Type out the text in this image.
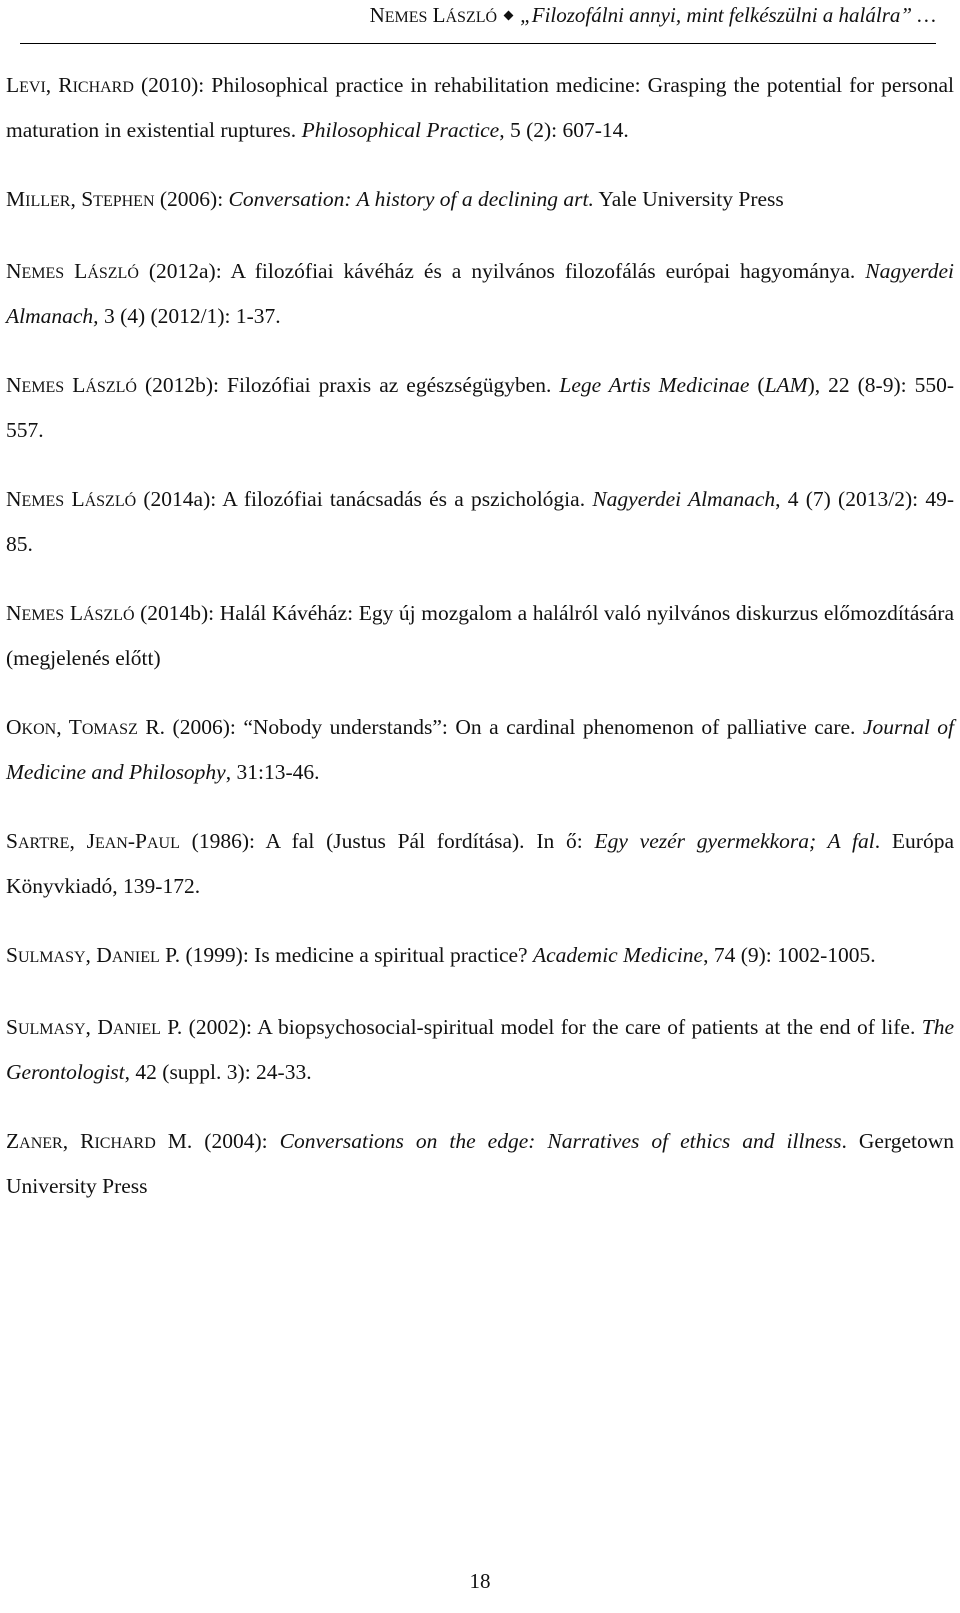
NEMES LÁSZLÓ „Filozofálni annyi, mint felkészülni a halálra” …

LEVI, RICHARD (2010): Philosophical practice in rehabilitation medicine: Grasping the potential for personal maturation in existential ruptures. Philosophical Practice, 5 (2): 607-14.

MILLER, STEPHEN (2006): Conversation: A history of a declining art. Yale University Press

NEMES LÁSZLÓ (2012a): A filozófiai kávéház és a nyilvános filozofálás európai hagyománya. Nagyerdei Almanach, 3 (4) (2012/1): 1-37.

NEMES LÁSZLÓ (2012b): Filozófiai praxis az egészségügyben. Lege Artis Medicinae (LAM), 22 (8-9): 550-557.

NEMES LÁSZLÓ (2014a): A filozófiai tanácsadás és a pszichológia. Nagyerdei Almanach, 4 (7) (2013/2): 49-85.

NEMES LÁSZLÓ (2014b): Halál Kávéház: Egy új mozgalom a halálról való nyilvános diskurzus előmozdítására (megjelenés előtt)

OKON, TOMASZ R. (2006): “Nobody understands”: On a cardinal phenomenon of palliative care. Journal of Medicine and Philosophy, 31:13-46.

SARTRE, JEAN-PAUL (1986): A fal (Justus Pál fordítása). In ő: Egy vezér gyermekkora; A fal. Európa Könyvkiadó, 139-172.

SULMASY, DANIEL P. (1999): Is medicine a spiritual practice? Academic Medicine, 74 (9): 1002-1005.

SULMASY, DANIEL P. (2002): A biopsychosocial-spiritual model for the care of patients at the end of life. The Gerontologist, 42 (suppl. 3): 24-33.

ZANER, RICHARD M. (2004): Conversations on the edge: Narratives of ethics and illness. Gergetown University Press

18
